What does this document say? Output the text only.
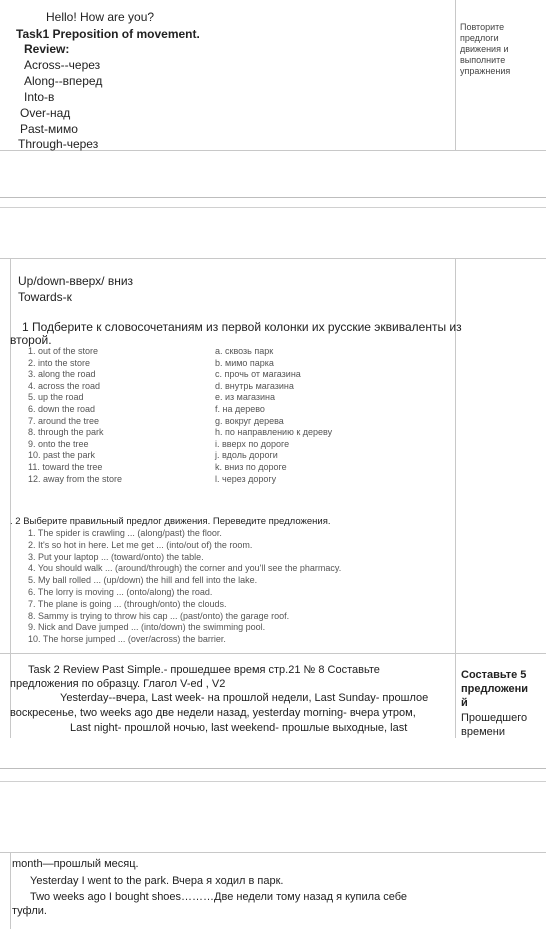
Hello! How are you?
Task1 Preposition of movement.
Review:
Across--через
Along--вперед
Into-в
Over-над
Past-мимо
Through-через
Повторите
предлоги
движения и
выполните
упражнения
Up/down-вверх/ вниз
Towards-к
1 Подберите к словосочетаниям из первой колонки их русские эквиваленты из
второй.
1. out of the store
2. into the store
3. along the road
4. across the road
5. up the road
6. down the road
7. around the tree
8. through the park
9. onto the tree
10. past the park
11. toward the tree
12. away from the store
a. сквозь парк
b. мимо парка
c. прочь от магазина
d. внутрь магазина
e. из магазина
f. на дерево
g. вокруг дерева
h. по направлению к дереву
i. вверх по дороге
j. вдоль дороги
k. вниз по дороге
l. через дорогу
. 2 Выберите правильный предлог движения. Переведите предложения.
1. The spider is crawling ... (along/past) the floor.
2. It's so hot in here. Let me get ... (into/out of) the room.
3. Put your laptop ... (toward/onto) the table.
4. You should walk ... (around/through) the corner and you'll see the pharmacy.
5. My ball rolled ... (up/down) the hill and fell into the lake.
6. The lorry is moving ... (onto/along) the road.
7. The plane is going ... (through/onto) the clouds.
8. Sammy is trying to throw his cap ... (past/onto) the garage roof.
9. Nick and Dave jumped ... (into/down) the swimming pool.
10. The horse jumped ... (over/across) the barrier.
Task 2 Review Past Simple.- прошедшее время стр.21 № 8 Составьте
предложения по образцу. Глагол V-ed , V2
Yesterday--вчера, Last week- на прошлой недели, Last Sunday- прошлое
воскресенье, two weeks ago две недели назад, yesterday morning- вчера утром,
Last night- прошлой ночью, last weekend- прошлые выходные, last
Составьте 5
предложени
й
Прошедшего
времени
month—прошлый месяц.
Yesterday I went to the park. Вчера я ходил в парк.
Two weeks ago I bought shoes………Две недели тому назад я купила себе
туфли.
